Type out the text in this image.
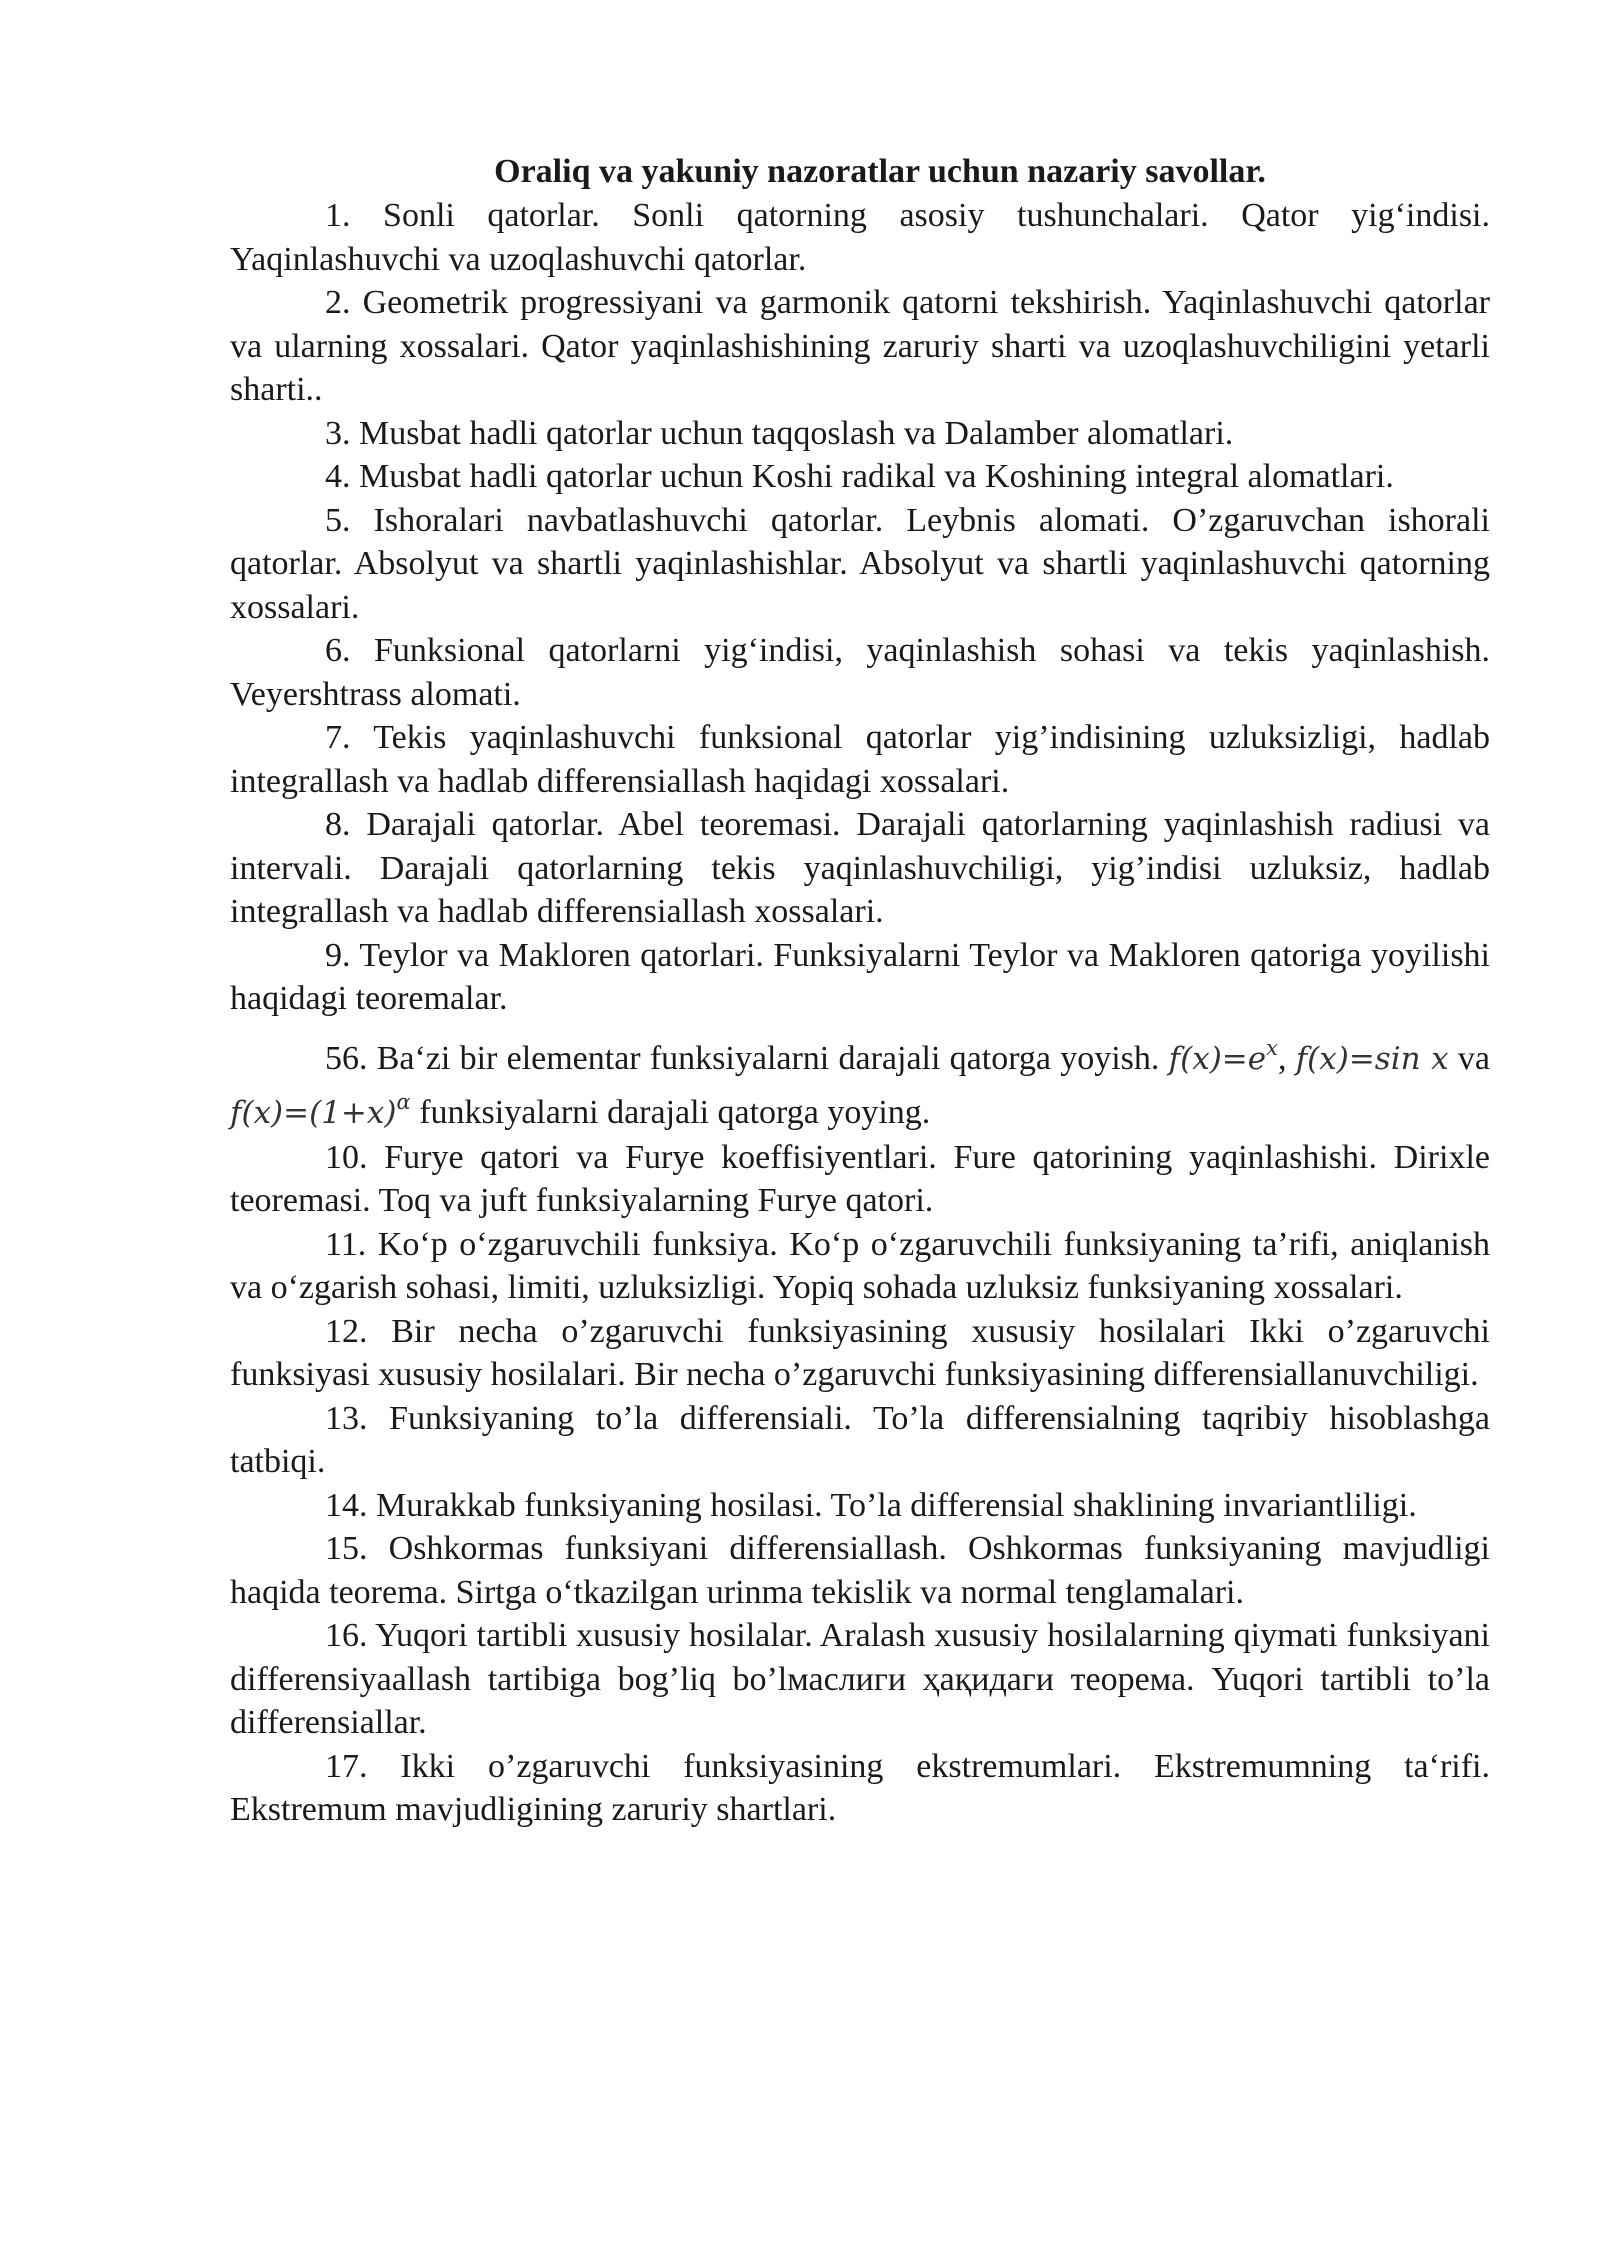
Oraliq va yakuniy nazoratlar uchun nazariy savollar.

1. Sonli qatorlar. Sonli qatorning asosiy tushunchalari. Qator yig‘indisi. Yaqinlashuvchi va uzoqlashuvchi qatorlar.

2. Geometrik progressiyani va garmonik qatorni tekshirish. Yaqinlashuvchi qatorlar va ularning xossalari. Qator yaqinlashishining zaruriy sharti va uzoqlashuvchiligini yetarli sharti..

3. Musbat hadli qatorlar uchun taqqoslash va Dalamber alomatlari.

4. Musbat hadli qatorlar uchun Koshi radikal va Koshining integral alomatlari.

5. Ishoralari navbatlashuvchi qatorlar. Leybnis alomati. O’zgaruvchan ishorali qatorlar. Absolyut va shartli yaqinlashishlar. Absolyut va shartli yaqinlashuvchi qatorning xossalari.

6. Funksional qatorlarni yig‘indisi, yaqinlashish sohasi va tekis yaqinlashish. Veyershtrass alomati.

7. Tekis yaqinlashuvchi funksional qatorlar yig’indisining uzluksizligi, hadlab integrallash va hadlab differensiallash haqidagi xossalari.

8. Darajali qatorlar. Abel teoremasi. Darajali qatorlarning yaqinlashish radiusi va intervali. Darajali qatorlarning tekis yaqinlashuvchiligi, yig’indisi uzluksiz, hadlab integrallash va hadlab differensiallash xossalari.

9. Teylor va Makloren qatorlari. Funksiyalarni Teylor va Makloren qatoriga yoyilishi haqidagi teoremalar.

56. Ba‘zi bir elementar funksiyalarni darajali qatorga yoyish. $f(x)=e^x$, f(x)=sin x va $f(x)=(1+x)^\alpha$ funksiyalarni darajali qatorga yoying.

10. Furye qatori va Furye koeffisiyentlari. Fure qatorining yaqinlashishi. Dirixle teoremasi. Toq va juft funksiyalarning Furye qatori.

11. Ko‘p o‘zgaruvchili funksiya. Ko‘p o‘zgaruvchili funksiyaning ta’rifi, aniqlanish va o‘zgarish sohasi, limiti, uzluksizligi. Yopiq sohada uzluksiz funksiyaning xossalari.

12. Bir necha o’zgaruvchi funksiyasining xususiy hosilalari Ikki o’zgaruvchi funksiyasi xususiy hosilalari. Bir necha o’zgaruvchi funksiyasining differensiallanuvchiligi.

13. Funksiyaning to’la differensiali. To’la differensialning taqribiy hisoblashga tatbiqi.

14. Murakkab funksiyaning hosilasi. To’la differensial shaklining invariantliligi.

15. Oshkormas funksiyani differensiallash. Oshkormas funksiyaning mavjudligi haqida teorema. Sirtga o‘tkazilgan urinma tekislik va normal tenglamalari.

16. Yuqori tartibli xususiy hosilalar. Aralash xususiy hosilalarning qiymati funksiyani differensiyaallash tartibiga bog’liq bo’lмаслиги ҳақидаги теорема. Yuqori tartibli to’la differensiallar.

17. Ikki o’zgaruvchi funksiyasining ekstremumlari. Ekstremumning ta‘rifi. Ekstremum mavjudligining zaruriy shartlari.
